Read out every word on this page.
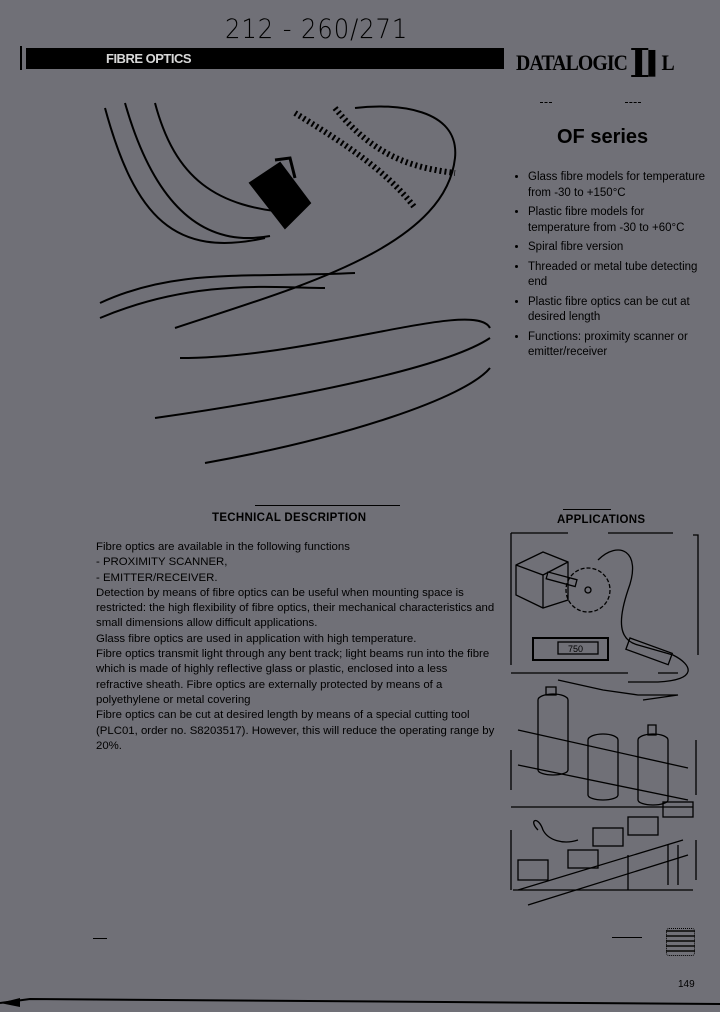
212 - 260/271
FIBRE OPTICS	DATALOGIC  ▌▌L
OF series
• Glass fibre models for temperature from -30 to +150°C
• Plastic fibre models for temperature from -30 to +60°C
• Spiral fibre version
• Threaded or metal tube detecting end
• Plastic fibre optics can be cut at desired length
• Functions: proximity scanner or emitter/receiver
TECHNICAL DESCRIPTION

Fibre optics are available in the following functions

- PROXIMITY SCANNER,

- EMITTER/RECEIVER.

Detection by means of fibre optics can be useful when mounting space is restricted: the high flexibility of fibre optics, their mechanical characteristics and small dimensions allow difficult applications.

Glass fibre optics are used in application with high temperature.

Fibre optics transmit light through any bent track; light beams run into the fibre which is made of highly reflective glass or plastic, enclosed into a less refractive sheath. Fibre optics are externally protected by means of a polyethylene or metal covering

Fibre optics can be cut at desired length by means of a special cutting tool (PLC01, order no. S8203517). However, this will reduce the operating range by 20%.

APPLICATIONS
750
149
